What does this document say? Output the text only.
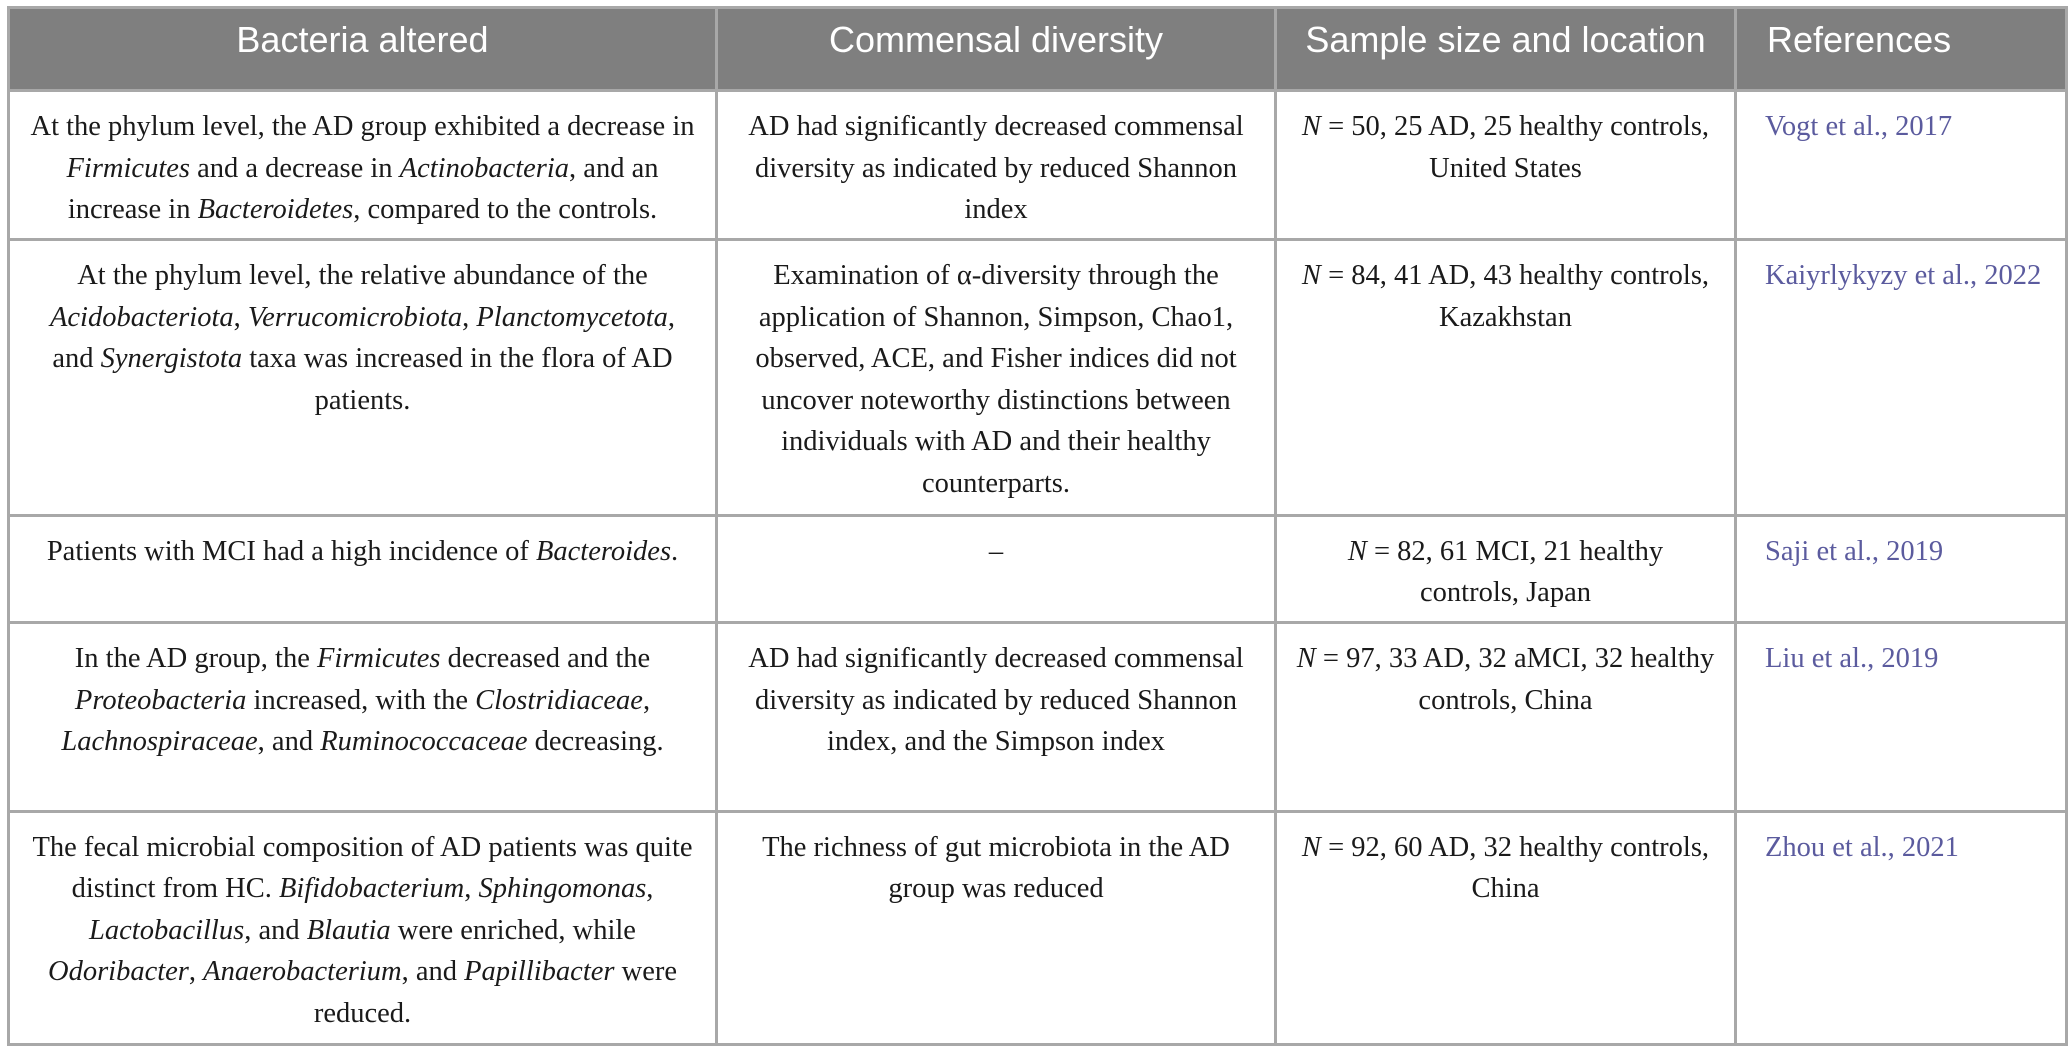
Bacteria altered	Commensal diversity	Sample size and location	References
At the phylum level, the AD group exhibited a decrease in Firmicutes and a decrease in Actinobacteria, and an increase in Bacteroidetes, compared to the controls.	AD had significantly decreased commensal diversity as indicated by reduced Shannon index	N = 50, 25 AD, 25 healthy controls, United States	Vogt et al., 2017
At the phylum level, the relative abundance of the Acidobacteriota, Verrucomicrobiota, Planctomycetota, and Synergistota taxa was increased in the flora of AD patients.	Examination of α-diversity through the application of Shannon, Simpson, Chao1, observed, ACE, and Fisher indices did not uncover noteworthy distinctions between individuals with AD and their healthy counterparts.	N = 84, 41 AD, 43 healthy controls, Kazakhstan	Kaiyrlykyzy et al., 2022
Patients with MCI had a high incidence of Bacteroides.	–	N = 82, 61 MCI, 21 healthy controls, Japan	Saji et al., 2019
In the AD group, the Firmicutes decreased and the Proteobacteria increased, with the Clostridiaceae, Lachnospiraceae, and Ruminococcaceae decreasing.	AD had significantly decreased commensal diversity as indicated by reduced Shannon index, and the Simpson index	N = 97, 33 AD, 32 aMCI, 32 healthy controls, China	Liu et al., 2019
The fecal microbial composition of AD patients was quite distinct from HC. Bifidobacterium, Sphingomonas, Lactobacillus, and Blautia were enriched, while Odoribacter, Anaerobacterium, and Papillibacter were reduced.	The richness of gut microbiota in the AD group was reduced	N = 92, 60 AD, 32 healthy controls, China	Zhou et al., 2021
